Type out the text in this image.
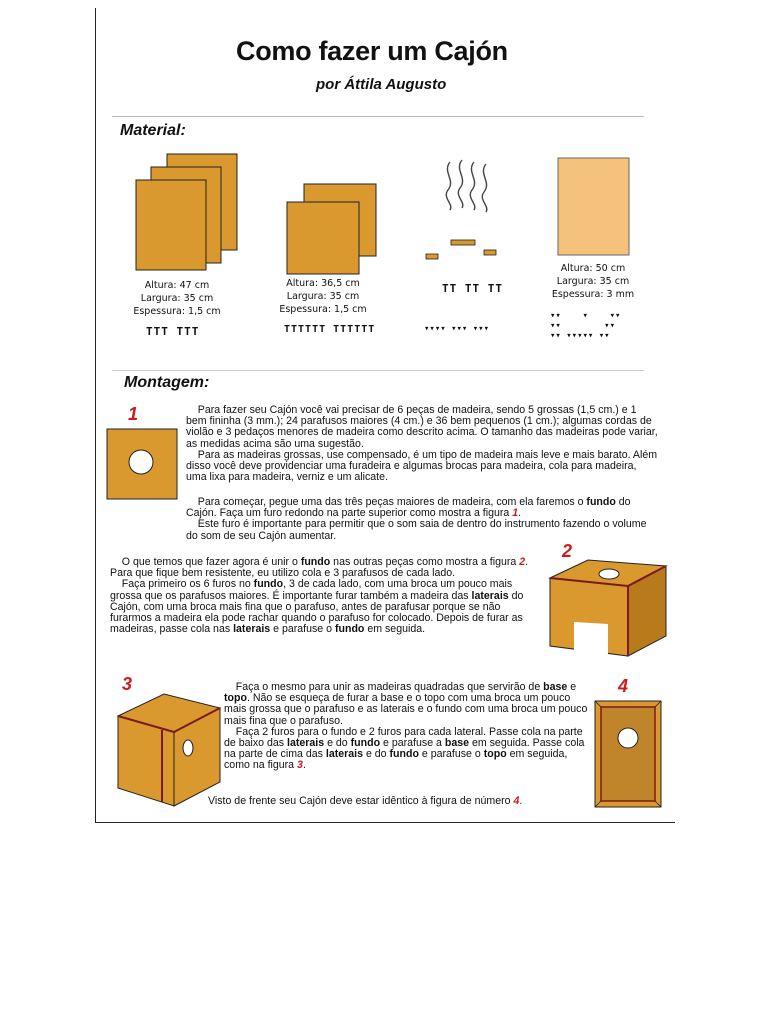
Como fazer um Cajón
por Áttila Augusto
Material:
Altura: 47 cm
Largura: 35 cm
Espessura: 1,5 cm
TTT TTT
Altura: 36,5 cm
Largura: 35 cm
Espessura: 1,5 cm
TTTTTT TTTTTT
TT TT TT
▾▾▾▾ ▾▾▾ ▾▾▾
Altura: 50 cm
Largura: 35 cm
Espessura: 3 mm
▾▾    ▾    ▾▾
▾▾        ▾▾
▾▾ ▾▾▾▾▾ ▾▾
Montagem:
1	Para fazer seu Cajón você vai precisar de 6 peças de madeira, sendo 5 grossas (1,5 cm.) e 1 bem fininha (3 mm.); 24 parafusos maiores (4 cm.) e 36 bem pequenos (1 cm.); algumas cordas de violão e 3 pedaços menores de madeira como descrito acima. O tamanho das madeiras pode variar, as medidas acima são uma sugestão.
Para as madeiras grossas, use compensado, é um tipo de madeira mais leve e mais barato. Além disso você deve providenciar uma furadeira e algumas brocas para madeira, cola para madeira, uma lixa para madeira, verniz e um alicate.
Para começar, pegue uma das três peças maiores de madeira, com ela faremos o fundo do Cajón. Faça um furo redondo na parte superior como mostra a figura 1.
Este furo é importante para permitir que o som saia de dentro do instrumento fazendo o volume do som de seu Cajón aumentar.
2
O que temos que fazer agora é unir o fundo nas outras peças como mostra a figura 2. Para que fique bem resistente, eu utilizo cola e 3 parafusos de cada lado.
Faça primeiro os 6 furos no fundo, 3 de cada lado, com uma broca um pouco mais grossa que os parafusos maiores. É importante furar também a madeira das laterais do Cajón, com uma broca mais fina que o parafuso, antes de parafusar porque se não furarmos a madeira ela pode rachar quando o parafuso for colocado. Depois de furar as madeiras, passe cola nas laterais e parafuse o fundo em seguida.
3	Faça o mesmo para unir as madeiras quadradas que servirão de base e topo. Não se esqueça de furar a base e o topo com uma broca um pouco mais grossa que o parafuso e as laterais e o fundo com uma broca um pouco mais fina que o parafuso.
Faça 2 furos para o fundo e 2 furos para cada lateral. Passe cola na parte de baixo das laterais e do fundo e parafuse a base em seguida. Passe cola na parte de cima das laterais e do fundo e parafuse o topo em seguida, como na figura 3.
Visto de frente seu Cajón deve estar idêntico à figura de número 4.
4
